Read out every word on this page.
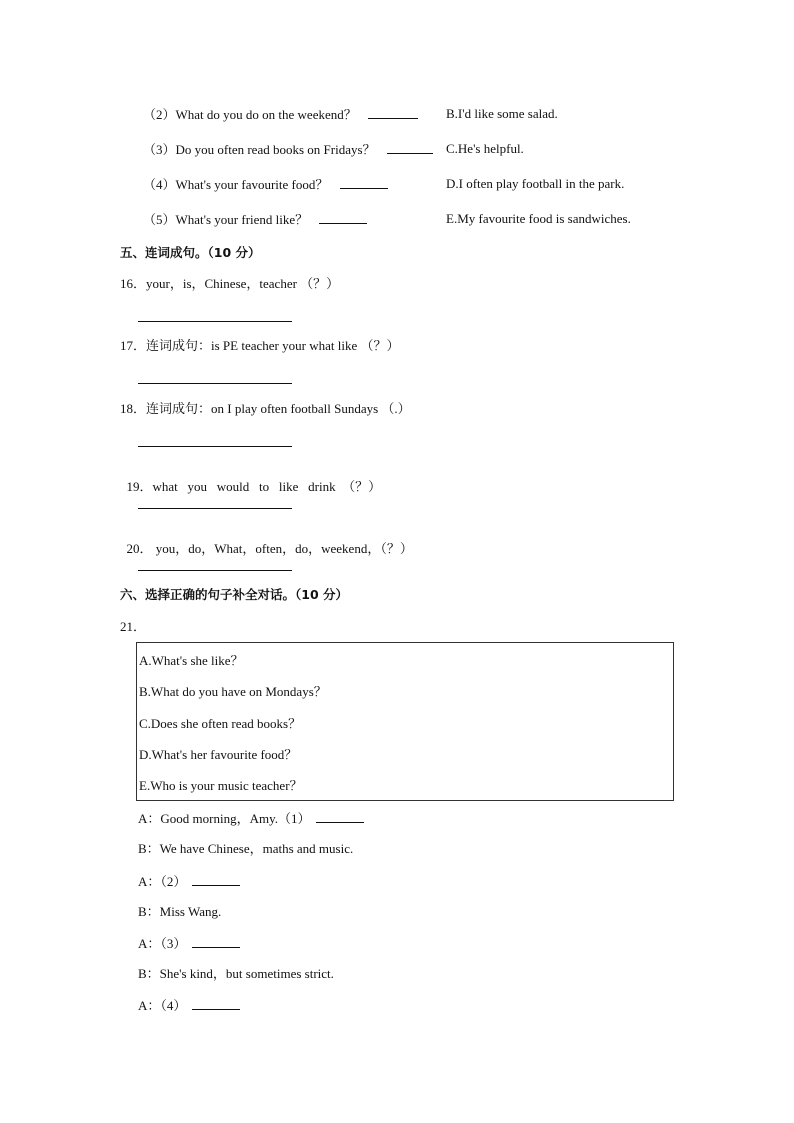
（2）What do you do on the weekend？	B.I'd like some salad.
（3）Do you often read books on Fridays？	C.He's helpful.
（4）What's your favourite food？	D.I often play football in the park.
（5）What's your friend like？	E.My favourite food is sandwiches.
五、连词成句。（10 分）
16．your，is，Chinese，teacher （？）
17．连词成句：is PE teacher your what like （？）
18．连词成句：on I play often football Sundays （.）

19．what   you   would   to   like   drink  （？）

20． you，do，What，often，do，weekend，（？）

六、选择正确的句子补全对话。（10 分）
21．
A.What's she like？
B.What do you have on Mondays？
C.Does she often read books？
D.What's her favourite food？
E.Who is your music teacher？
A：Good morning，Amy.（1）
B：We have Chinese，maths and music.
A：（2）
B：Miss Wang.
A：（3）
B：She's kind，but sometimes strict.
A：（4）
